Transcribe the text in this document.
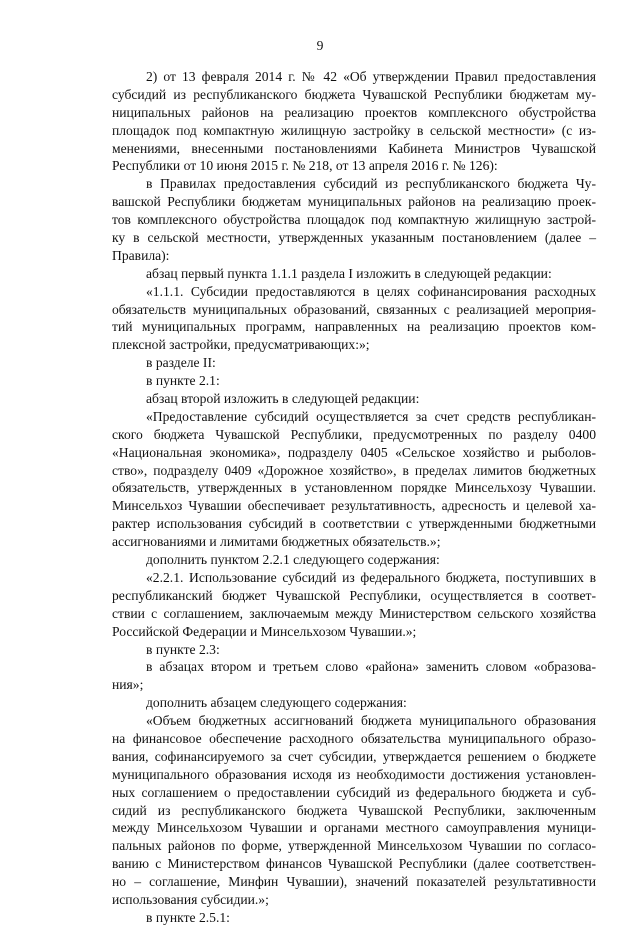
9
2) от 13 февраля 2014 г. № 42 «Об утверждении Правил предоставления
субсидий из республиканского бюджета Чувашской Республики бюджетам му-
ниципальных районов на реализацию проектов комплексного обустройства
площадок под компактную жилищную застройку в сельской местности» (с из-
менениями, внесенными постановлениями Кабинета Министров Чувашской
Республики от 10 июня 2015 г. № 218, от 13 апреля 2016 г. № 126):
в Правилах предоставления субсидий из республиканского бюджета Чу-
вашской Республики бюджетам муниципальных районов на реализацию проек-
тов комплексного обустройства площадок под компактную жилищную застрой-
ку в сельской местности, утвержденных указанным постановлением (далее –
Правила):
абзац первый пункта 1.1.1 раздела I изложить в следующей редакции:
«1.1.1. Субсидии предоставляются в целях софинансирования расходных
обязательств муниципальных образований, связанных с реализацией мероприя-
тий муниципальных программ, направленных на реализацию проектов ком-
плексной застройки, предусматривающих:»;
в разделе II:
в пункте 2.1:
абзац второй изложить в следующей редакции:
«Предоставление субсидий осуществляется за счет средств республикан-
ского бюджета Чувашской Республики, предусмотренных по разделу 0400
«Национальная экономика», подразделу 0405 «Сельское хозяйство и рыболов-
ство», подразделу 0409 «Дорожное хозяйство», в пределах лимитов бюджетных
обязательств, утвержденных в установленном порядке Минсельхозу Чувашии.
Минсельхоз Чувашии обеспечивает результативность, адресность и целевой ха-
рактер использования субсидий в соответствии с утвержденными бюджетными
ассигнованиями и лимитами бюджетных обязательств.»;
дополнить пунктом 2.2.1 следующего содержания:
«2.2.1. Использование субсидий из федерального бюджета, поступивших в
республиканский бюджет Чувашской Республики, осуществляется в соответ-
ствии с соглашением, заключаемым между Министерством сельского хозяйства
Российской Федерации и Минсельхозом Чувашии.»;
в пункте 2.3:
в абзацах втором и третьем слово «района» заменить словом «образова-
ния»;
дополнить абзацем следующего содержания:
«Объем бюджетных ассигнований бюджета муниципального образования
на финансовое обеспечение расходного обязательства муниципального образо-
вания, софинансируемого за счет субсидии, утверждается решением о бюджете
муниципального образования исходя из необходимости достижения установлен-
ных соглашением о предоставлении субсидий из федерального бюджета и суб-
сидий из республиканского бюджета Чувашской Республики, заключенным
между Минсельхозом Чувашии и органами местного самоуправления муници-
пальных районов по форме, утвержденной Минсельхозом Чувашии по согласо-
ванию с Министерством финансов Чувашской Республики (далее соответствен-
но – соглашение, Минфин Чувашии), значений показателей результативности
использования субсидии.»;
в пункте 2.5.1:
